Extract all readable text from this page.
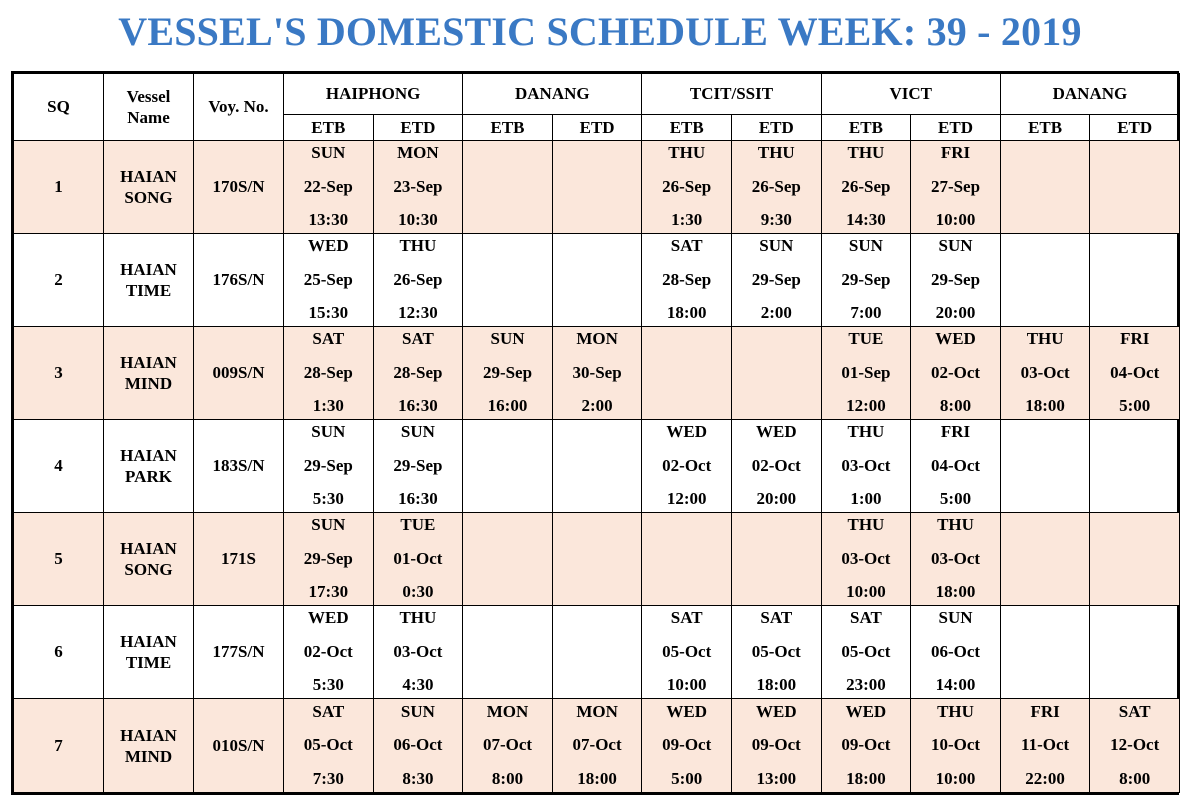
VESSEL'S DOMESTIC SCHEDULE WEEK: 39 - 2019
SQ	Vessel
Name	Voy. No.	HAIPHONG		DANANG		TCIT/SSIT		VICT		DANANG	
			ETB	ETD	ETB	ETD	ETB	ETD	ETB	ETD	ETB	ETD
1	HAIAN
SONG	170S/N	SUN
22-Sep
13:30	MON
23-Sep
10:30			THU
26-Sep
1:30	THU
26-Sep
9:30	THU
26-Sep
14:30	FRI
27-Sep
10:00		

2	HAIAN
TIME	176S/N	WED
25-Sep
15:30	THU
26-Sep
12:30			SAT
28-Sep
18:00	SUN
29-Sep
2:00	SUN
29-Sep
7:00	SUN
29-Sep
20:00		

3	HAIAN
MIND	009S/N	SAT
28-Sep
1:30	SAT
28-Sep
16:30	SUN
29-Sep
16:00	MON
30-Sep
2:00			TUE
01-Sep
12:00	WED
02-Oct
8:00	THU
03-Oct
18:00	FRI
04-Oct
5:00

4	HAIAN
PARK	183S/N	SUN
29-Sep
5:30	SUN
29-Sep
16:30			WED
02-Oct
12:00	WED
02-Oct
20:00	THU
03-Oct
1:00	FRI
04-Oct
5:00		

5	HAIAN
SONG	171S	SUN
29-Sep
17:30	TUE
01-Oct
0:30					THU
03-Oct
10:00	THU
03-Oct
18:00		

6	HAIAN
TIME	177S/N	WED
02-Oct
5:30	THU
03-Oct
4:30			SAT
05-Oct
10:00	SAT
05-Oct
18:00	SAT
05-Oct
23:00	SUN
06-Oct
14:00		

7	HAIAN
MIND	010S/N	SAT
05-Oct
7:30	SUN
06-Oct
8:30	MON
07-Oct
8:00	MON
07-Oct
18:00	WED
09-Oct
5:00	WED
09-Oct
13:00	WED
09-Oct
18:00	THU
10-Oct
10:00	FRI
11-Oct
22:00	SAT
12-Oct
8:00
